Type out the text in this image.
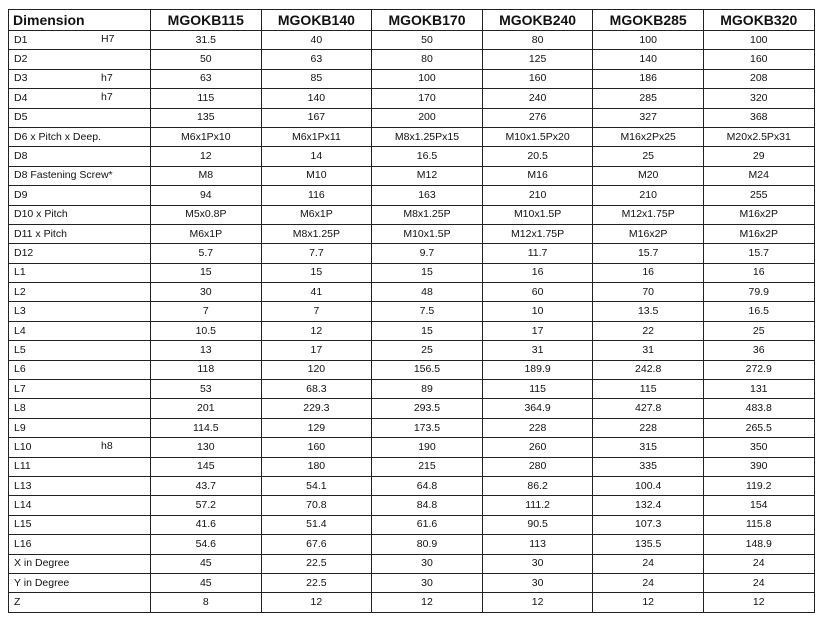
Dimension	MGOKB115	MGOKB140	MGOKB170	MGOKB240	MGOKB285	MGOKB320
D1 H7	31.5	40	50	80	100	100
D2	50	63	80	125	140	160
D3 h7	63	85	100	160	186	208
D4 h7	115	140	170	240	285	320
D5	135	167	200	276	327	368
D6 x Pitch x Deep.	M6x1Px10	M6x1Px11	M8x1.25Px15	M10x1.5Px20	M16x2Px25	M20x2.5Px31
D8	12	14	16.5	20.5	25	29
D8 Fastening Screw*	M8	M10	M12	M16	M20	M24
D9	94	116	163	210	210	255
D10 x Pitch	M5x0.8P	M6x1P	M8x1.25P	M10x1.5P	M12x1.75P	M16x2P
D11 x Pitch	M6x1P	M8x1.25P	M10x1.5P	M12x1.75P	M16x2P	M16x2P
D12	5.7	7.7	9.7	11.7	15.7	15.7
L1	15	15	15	16	16	16
L2	30	41	48	60	70	79.9
L3	7	7	7.5	10	13.5	16.5
L4	10.5	12	15	17	22	25
L5	13	17	25	31	31	36
L6	118	120	156.5	189.9	242.8	272.9
L7	53	68.3	89	115	115	131
L8	201	229.3	293.5	364.9	427.8	483.8
L9	114.5	129	173.5	228	228	265.5
L10 h8	130	160	190	260	315	350
L11	145	180	215	280	335	390
L13	43.7	54.1	64.8	86.2	100.4	119.2
L14	57.2	70.8	84.8	111.2	132.4	154
L15	41.6	51.4	61.6	90.5	107.3	115.8
L16	54.6	67.6	80.9	113	135.5	148.9
X in Degree	45	22.5	30	30	24	24
Y in Degree	45	22.5	30	30	24	24
Z	8	12	12	12	12	12
